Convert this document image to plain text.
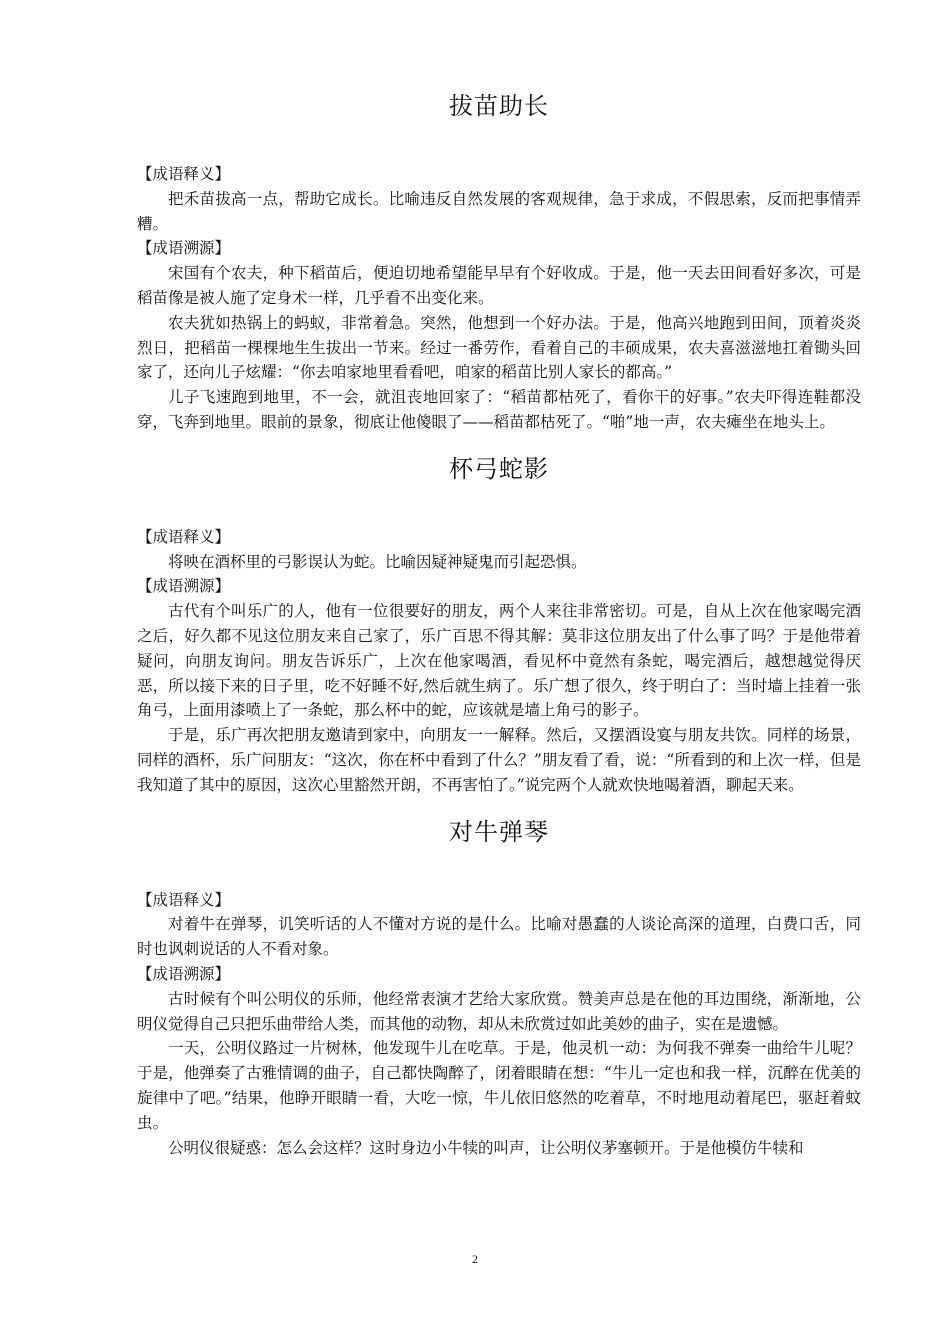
拔苗助长

【成语释义】

把禾苗拔高一点，帮助它成长。比喻违反自然发展的客观规律，急于求成，不假思索，反而把事情弄糟。

【成语溯源】

宋国有个农夫，种下稻苗后，便迫切地希望能早早有个好收成。于是，他一天去田间看好多次，可是稻苗像是被人施了定身术一样，几乎看不出变化来。

农夫犹如热锅上的蚂蚁，非常着急。突然，他想到一个好办法。于是，他高兴地跑到田间，顶着炎炎烈日，把稻苗一棵棵地生生拔出一节来。经过一番劳作，看着自己的丰硕成果，农夫喜滋滋地扛着锄头回家了，还向儿子炫耀：“你去咱家地里看看吧，咱家的稻苗比别人家长的都高。”

儿子飞速跑到地里，不一会，就沮丧地回家了：“稻苗都枯死了，看你干的好事。”农夫吓得连鞋都没穿，飞奔到地里。眼前的景象，彻底让他傻眼了——稻苗都枯死了。“啪”地一声，农夫瘫坐在地头上。

杯弓蛇影

【成语释义】

将映在酒杯里的弓影误认为蛇。比喻因疑神疑鬼而引起恐惧。

【成语溯源】

古代有个叫乐广的人，他有一位很要好的朋友，两个人来往非常密切。可是，自从上次在他家喝完酒之后，好久都不见这位朋友来自己家了，乐广百思不得其解：莫非这位朋友出了什么事了吗？于是他带着疑问，向朋友询问。朋友告诉乐广，上次在他家喝酒，看见杯中竟然有条蛇，喝完酒后，越想越觉得厌恶，所以接下来的日子里，吃不好睡不好,然后就生病了。乐广想了很久，终于明白了：当时墙上挂着一张角弓，上面用漆喷上了一条蛇，那么杯中的蛇，应该就是墙上角弓的影子。

于是，乐广再次把朋友邀请到家中，向朋友一一解释。然后，又摆酒设宴与朋友共饮。同样的场景，同样的酒杯，乐广问朋友：“这次，你在杯中看到了什么？”朋友看了看，说：“所看到的和上次一样，但是我知道了其中的原因，这次心里豁然开朗，不再害怕了。”说完两个人就欢快地喝着酒，聊起天来。

对牛弹琴

【成语释义】

对着牛在弹琴，讥笑听话的人不懂对方说的是什么。比喻对愚蠢的人谈论高深的道理，白费口舌，同时也讽刺说话的人不看对象。

【成语溯源】

古时候有个叫公明仪的乐师，他经常表演才艺给大家欣赏。赞美声总是在他的耳边围绕，渐渐地，公明仪觉得自己只把乐曲带给人类，而其他的动物，却从未欣赏过如此美妙的曲子，实在是遗憾。

一天，公明仪路过一片树林，他发现牛儿在吃草。于是，他灵机一动：为何我不弹奏一曲给牛儿呢？于是，他弹奏了古雅情调的曲子，自己都快陶醉了，闭着眼睛在想：“牛儿一定也和我一样，沉醉在优美的旋律中了吧。”结果，他睁开眼睛一看，大吃一惊，牛儿依旧悠然的吃着草，不时地甩动着尾巴，驱赶着蚊虫。

公明仪很疑惑：怎么会这样？这时身边小牛犊的叫声，让公明仪茅塞顿开。于是他模仿牛犊和

2
